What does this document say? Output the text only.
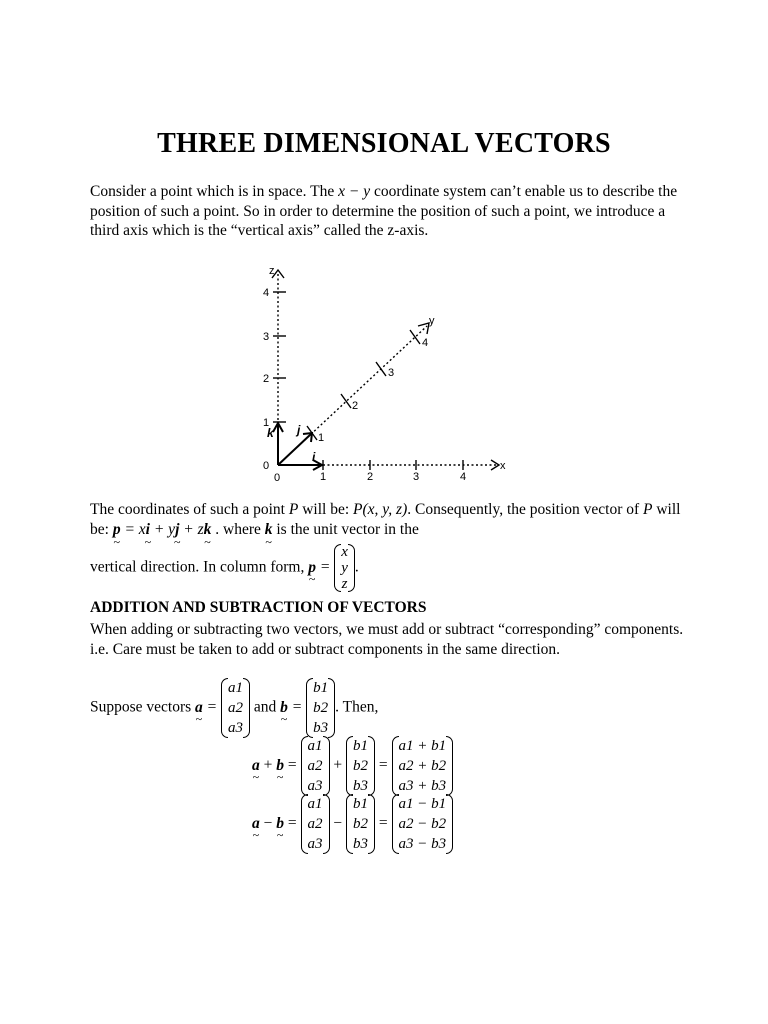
THREE DIMENSIONAL VECTORS
Consider a point which is in space. The x − y coordinate system can’t enable us to describe the position of such a point. So in order to determine the position of such a point, we introduce a third axis which is the “vertical axis” called the z-axis.
z
x
y
0
1
2
3
4
0
1	2	3	4
1
2
3
4
i
j
k
The coordinates of such a point P will be: P(x, y, z). Consequently, the position vector of P will be: p ~ = xi ~ + yj ~ + zk ~ . where k ~ is the unit vector in the
vertical direction. In column form, p ~ =
x
y
z
.
ADDITION AND SUBTRACTION OF VECTORS
When adding or subtracting two vectors, we must add or subtract “corresponding” components. i.e. Care must be taken to add or subtract components in the same direction.
Suppose vectors a ~ =
a1
a2
a3
and b ~ =
b1
b2
b3
. Then,
a ~ + b ~ =
a1
a2
a3
+
b1
b2
b3
=
a1 + b1
a2 + b2
a3 + b3
a ~ − b ~ =
a1
a2
a3
−
b1
b2
b3
=
a1 − b1
a2 − b2
a3 − b3
